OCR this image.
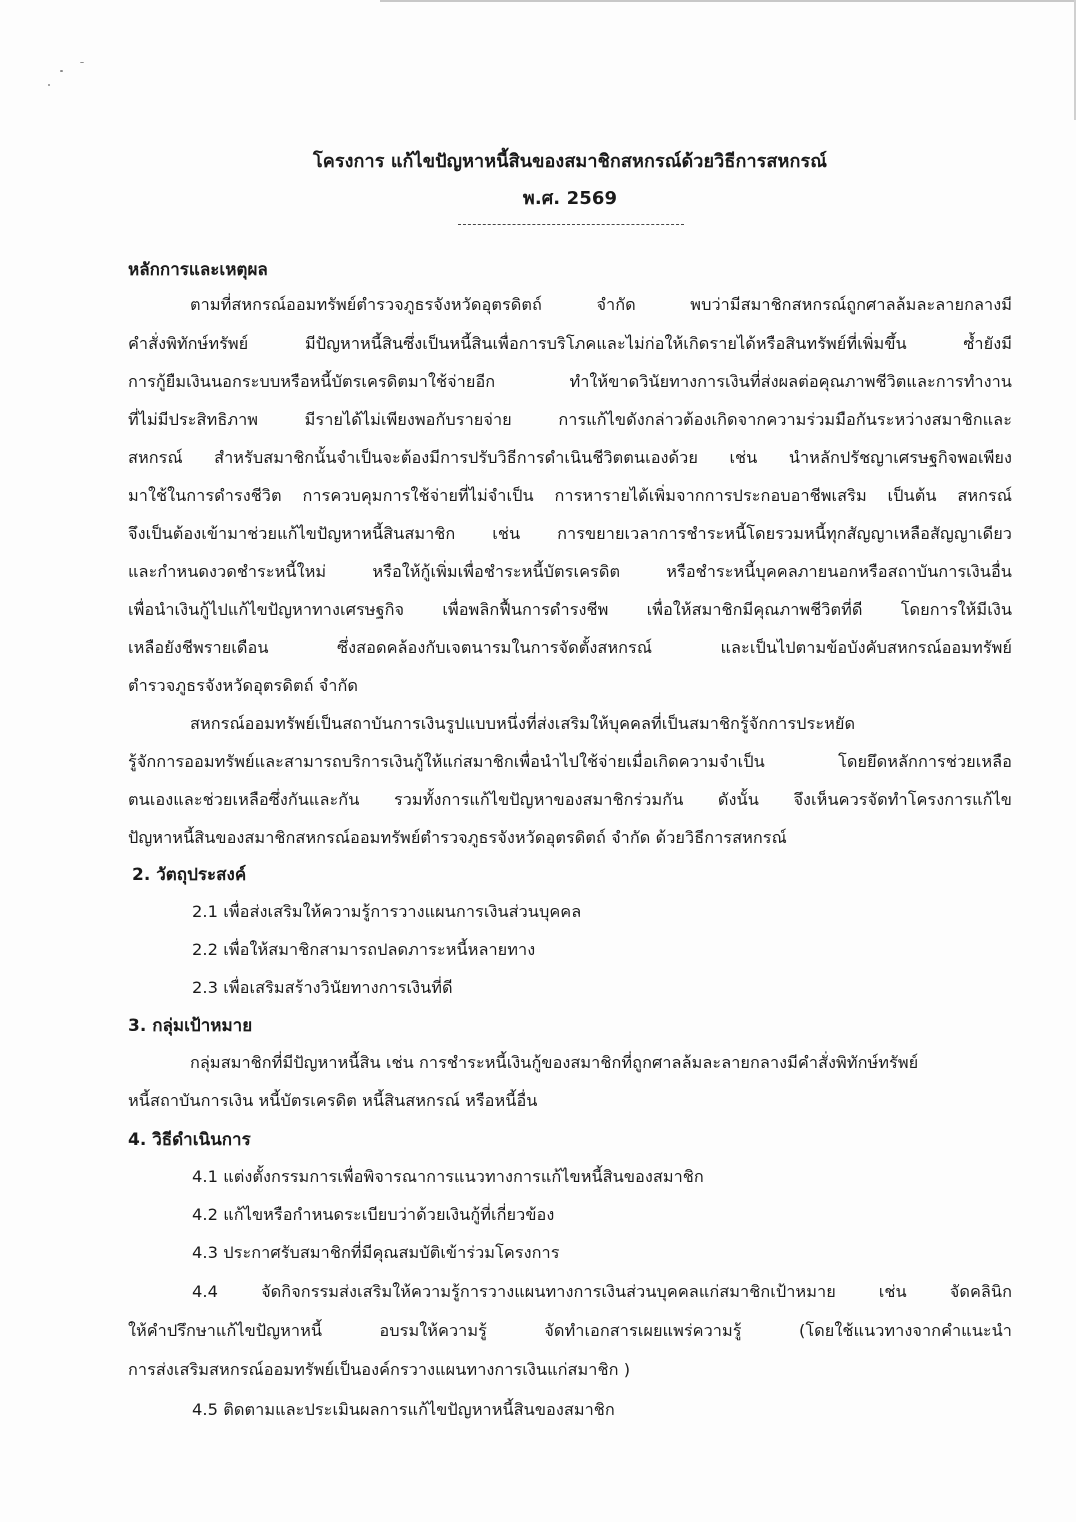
โครงการ แก้ไขปัญหาหนี้สินของสมาชิกสหกรณ์ด้วยวิธีการสหกรณ์
พ.ศ. 2569
หลักการและเหตุผล
ตามที่สหกรณ์ออมทรัพย์ตำรวจภูธรจังหวัดอุตรดิตถ์ จำกัด พบว่ามีสมาชิกสหกรณ์ถูกศาลล้มละลายกลางมี
คำสั่งพิทักษ์ทรัพย์ มีปัญหาหนี้สินซึ่งเป็นหนี้สินเพื่อการบริโภคและไม่ก่อให้เกิดรายได้หรือสินทรัพย์ที่เพิ่มขึ้น ซ้ำยังมี
การกู้ยืมเงินนอกระบบหรือหนี้บัตรเครดิตมาใช้จ่ายอีก ทำให้ขาดวินัยทางการเงินที่ส่งผลต่อคุณภาพชีวิตและการทำงาน
ที่ไม่มีประสิทธิภาพ มีรายได้ไม่เพียงพอกับรายจ่าย การแก้ไขดังกล่าวต้องเกิดจากความร่วมมือกันระหว่างสมาชิกและ
สหกรณ์ สำหรับสมาชิกนั้นจำเป็นจะต้องมีการปรับวิธีการดำเนินชีวิตตนเองด้วย เช่น นำหลักปรัชญาเศรษฐกิจพอเพียง
มาใช้ในการดำรงชีวิต การควบคุมการใช้จ่ายที่ไม่จำเป็น การหารายได้เพิ่มจากการประกอบอาชีพเสริม เป็นต้น สหกรณ์
จึงเป็นต้องเข้ามาช่วยแก้ไขปัญหาหนี้สินสมาชิก เช่น การขยายเวลาการชำระหนี้โดยรวมหนี้ทุกสัญญาเหลือสัญญาเดียว
และกำหนดงวดชำระหนี้ใหม่ หรือให้กู้เพิ่มเพื่อชำระหนี้บัตรเครดิต หรือชำระหนี้บุคคลภายนอกหรือสถาบันการเงินอื่น
เพื่อนำเงินกู้ไปแก้ไขปัญหาทางเศรษฐกิจ เพื่อพลิกฟื้นการดำรงชีพ เพื่อให้สมาชิกมีคุณภาพชีวิตที่ดี โดยการให้มีเงิน
เหลือยังชีพรายเดือน ซึ่งสอดคล้องกับเจตนารมในการจัดตั้งสหกรณ์ และเป็นไปตามข้อบังคับสหกรณ์ออมทรัพย์
ตำรวจภูธรจังหวัดอุตรดิตถ์ จำกัด
สหกรณ์ออมทรัพย์เป็นสถาบันการเงินรูปแบบหนึ่งที่ส่งเสริมให้บุคคลที่เป็นสมาชิกรู้จักการประหยัด
รู้จักการออมทรัพย์และสามารถบริการเงินกู้ให้แก่สมาชิกเพื่อนำไปใช้จ่ายเมื่อเกิดความจำเป็น โดยยึดหลักการช่วยเหลือ
ตนเองและช่วยเหลือซึ่งกันและกัน รวมทั้งการแก้ไขปัญหาของสมาชิกร่วมกัน ดังนั้น จึงเห็นควรจัดทำโครงการแก้ไข
ปัญหาหนี้สินของสมาชิกสหกรณ์ออมทรัพย์ตำรวจภูธรจังหวัดอุตรดิตถ์ จำกัด ด้วยวิธีการสหกรณ์
2. วัตถุประสงค์
2.1 เพื่อส่งเสริมให้ความรู้การวางแผนการเงินส่วนบุคคล
2.2 เพื่อให้สมาชิกสามารถปลดภาระหนี้หลายทาง
2.3 เพื่อเสริมสร้างวินัยทางการเงินที่ดี
3. กลุ่มเป้าหมาย
กลุ่มสมาชิกที่มีปัญหาหนี้สิน เช่น การชำระหนี้เงินกู้ของสมาชิกที่ถูกศาลล้มละลายกลางมีคำสั่งพิทักษ์ทรัพย์
หนี้สถาบันการเงิน หนี้บัตรเครดิต หนี้สินสหกรณ์ หรือหนี้อื่น
4. วิธีดำเนินการ
4.1 แต่งตั้งกรรมการเพื่อพิจารณาการแนวทางการแก้ไขหนี้สินของสมาชิก
4.2 แก้ไขหรือกำหนดระเบียบว่าด้วยเงินกู้ที่เกี่ยวข้อง
4.3 ประกาศรับสมาชิกที่มีคุณสมบัติเข้าร่วมโครงการ
4.4 จัดกิจกรรมส่งเสริมให้ความรู้การวางแผนทางการเงินส่วนบุคคลแก่สมาชิกเป้าหมาย เช่น จัดคลินิก
ให้คำปรึกษาแก้ไขปัญหาหนี้ อบรมให้ความรู้ จัดทำเอกสารเผยแพร่ความรู้ (โดยใช้แนวทางจากคำแนะนำ
การส่งเสริมสหกรณ์ออมทรัพย์เป็นองค์กรวางแผนทางการเงินแก่สมาชิก )
4.5 ติดตามและประเมินผลการแก้ไขปัญหาหนี้สินของสมาชิก
